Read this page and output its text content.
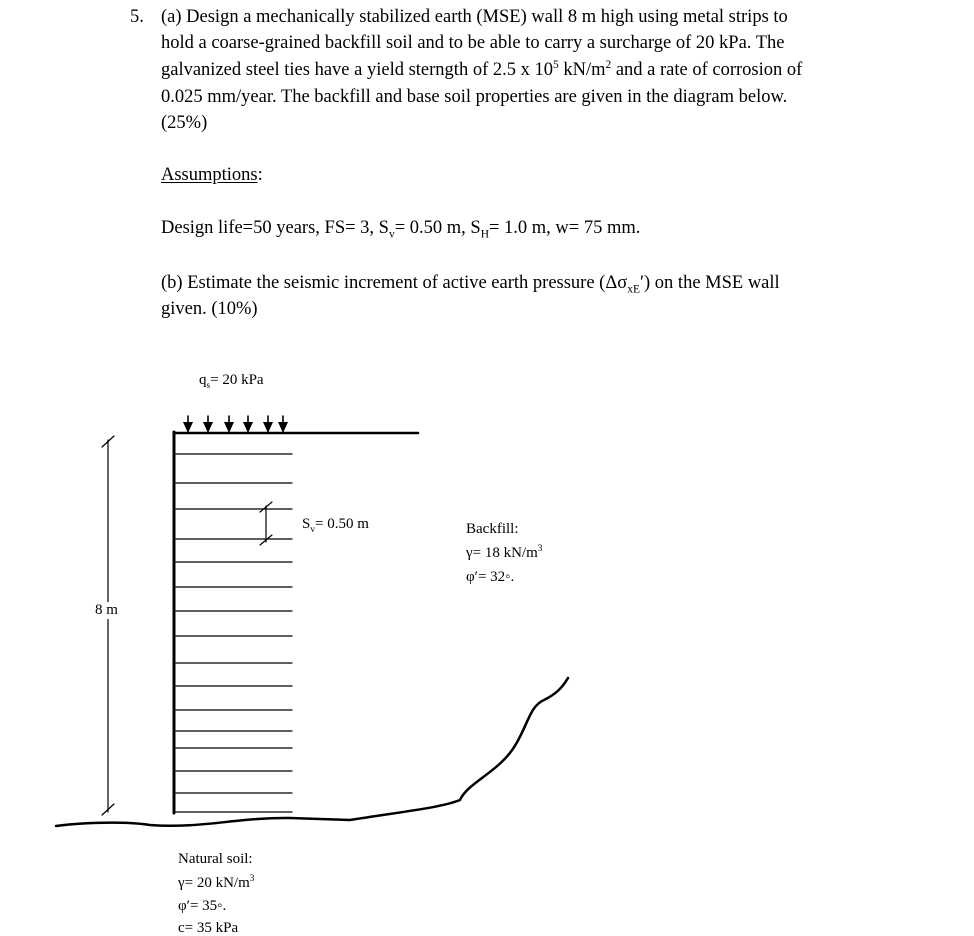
5. (a) Design a mechanically stabilized earth (MSE) wall 8 m high using metal strips to
hold a coarse-grained backfill soil and to be able to carry a surcharge of 20 kPa. The
galvanized steel ties have a yield sterngth of 2.5 x $10^5$ $kN/m^2$ and a rate of corrosion of
0.025 mm/year. The backfill and base soil properties are given in the diagram below.
(25%)
Assumptions:
Design life=50 years, FS= 3, $S_v= 0.50$ m, $S_H= 1.0$ m, w= 75 mm.
(b) Estimate the seismic increment of active earth pressure $(\Delta\sigma_{xE}')$ on the MSE wall
given. (10%)
$q_s= 20$ kPa
$S_v= 0.50$ m
8 m
Backfill:
γ= 18 $kN/m^3$
φ′= 32◦.
Natural soil:
γ= 20 $kN/m^3$
φ′= 35◦.
c= 35 kPa
